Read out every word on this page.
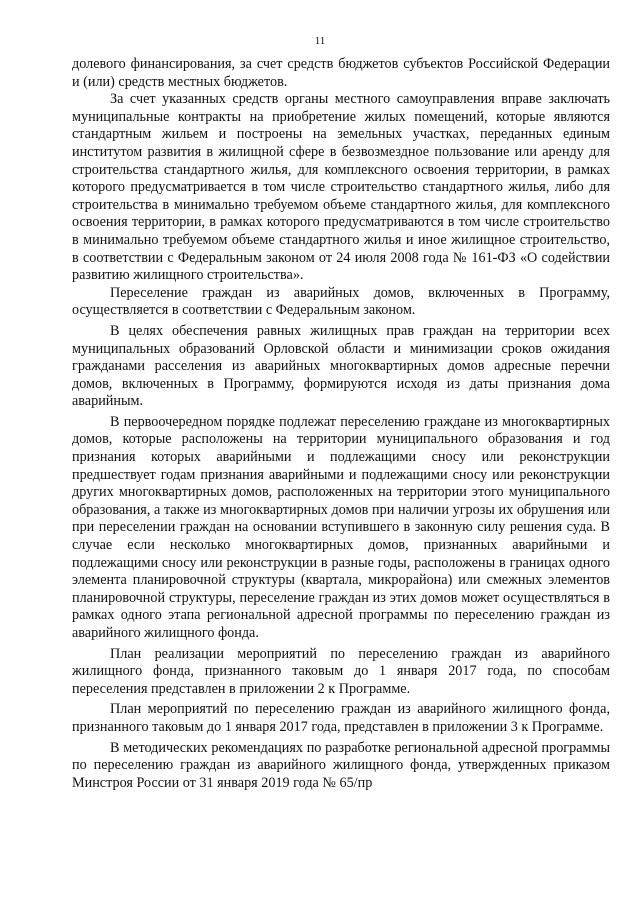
11

долевого финансирования, за счет средств бюджетов субъектов Российской Федерации и (или) средств местных бюджетов.

За счет указанных средств органы местного самоуправления вправе заключать муниципальные контракты на приобретение жилых помещений, которые являются стандартным жильем и построены на земельных участках, переданных единым институтом развития в жилищной сфере в безвозмездное пользование или аренду для строительства стандартного жилья, для комплексного освоения территории, в рамках которого предусматривается в том числе строительство стандартного жилья, либо для строительства в минимально требуемом объеме стандартного жилья, для комплексного освоения территории, в рамках которого предусматриваются в том числе строительство в минимально требуемом объеме стандартного жилья и иное жилищное строительство, в соответствии с Федеральным законом от 24 июля 2008 года № 161-ФЗ «О содействии развитию жилищного строительства».

Переселение граждан из аварийных домов, включенных в Программу, осуществляется в соответствии с Федеральным законом.

В целях обеспечения равных жилищных прав граждан на территории всех муниципальных образований Орловской области и минимизации сроков ожидания гражданами расселения из аварийных многоквартирных домов адресные перечни домов, включенных в Программу, формируются исходя из даты признания дома аварийным.

В первоочередном порядке подлежат переселению граждане из многоквартирных домов, которые расположены на территории муниципального образования и год признания которых аварийными и подлежащими сносу или реконструкции предшествует годам признания аварийными и подлежащими сносу или реконструкции других многоквартирных домов, расположенных на территории этого муниципального образования, а также из многоквартирных домов при наличии угрозы их обрушения или при переселении граждан на основании вступившего в законную силу решения суда. В случае если несколько многоквартирных домов, признанных аварийными и подлежащими сносу или реконструкции в разные годы, расположены в границах одного элемента планировочной структуры (квартала, микрорайона) или смежных элементов планировочной структуры, переселение граждан из этих домов может осуществляться в рамках одного этапа региональной адресной программы по переселению граждан из аварийного жилищного фонда.

План реализации мероприятий по переселению граждан из аварийного жилищного фонда, признанного таковым до 1 января 2017 года, по способам переселения представлен в приложении 2 к Программе.

План мероприятий по переселению граждан из аварийного жилищного фонда, признанного таковым до 1 января 2017 года, представлен в приложении 3 к Программе.

В методических рекомендациях по разработке региональной адресной программы по переселению граждан из аварийного жилищного фонда, утвержденных приказом Минстроя России от 31 января 2019 года № 65/пр
